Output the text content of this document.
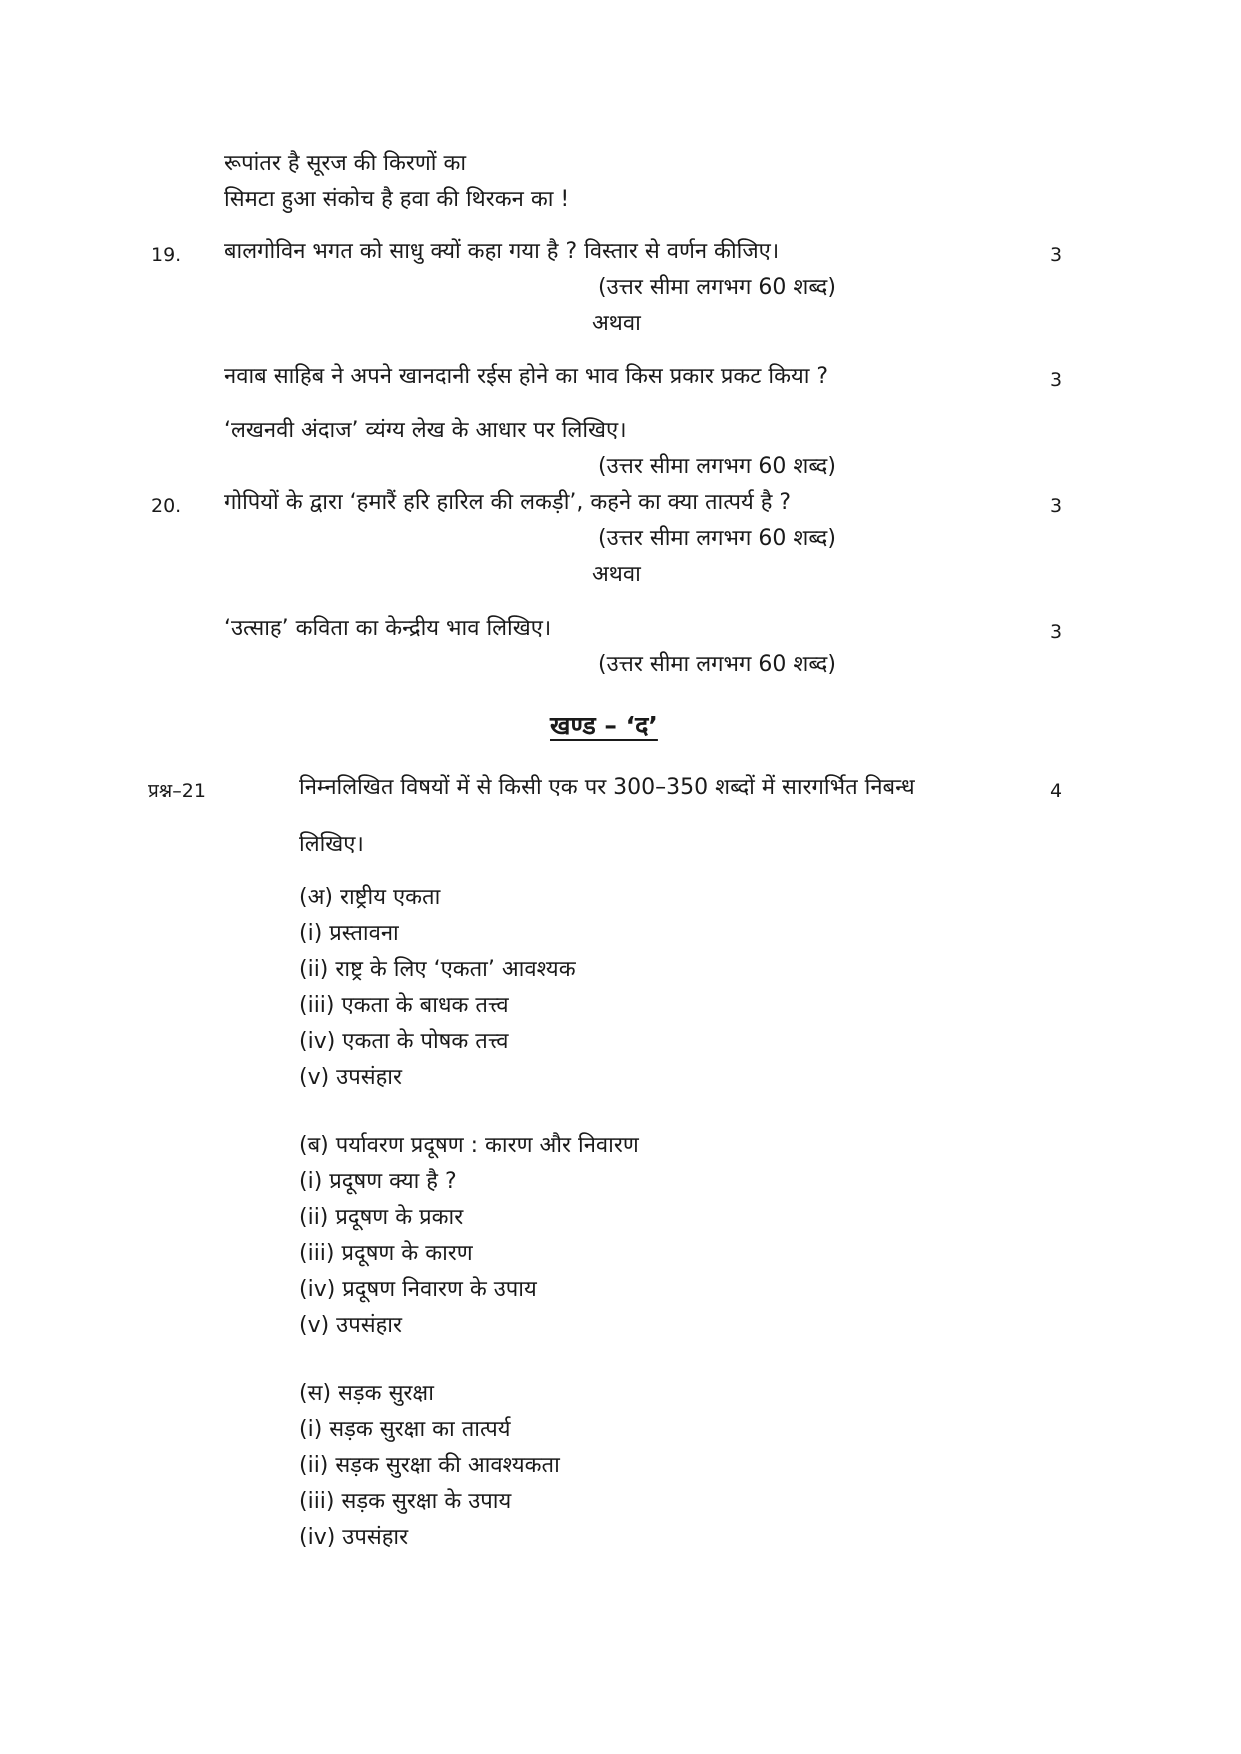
रूपांतर है सूरज की किरणों का
सिमटा हुआ संकोच है हवा की थिरकन का !
19. बालगोविन भगत को साधु क्यों कहा गया है ? विस्तार से वर्णन कीजिए।	3
(उत्तर सीमा लगभग 60 शब्द)
अथवा
नवाब साहिब ने अपने खानदानी रईस होने का भाव किस प्रकार प्रकट किया ?	3
‘लखनवी अंदाज’ व्यंग्य लेख के आधार पर लिखिए।
(उत्तर सीमा लगभग 60 शब्द)
20. गोपियों के द्वारा ‘हमारैं हरि हारिल की लकड़ी’, कहने का क्या तात्पर्य है ?	3
(उत्तर सीमा लगभग 60 शब्द)
अथवा
‘उत्साह’ कविता का केन्द्रीय भाव लिखिए।	3
(उत्तर सीमा लगभग 60 शब्द)
खण्ड – ‘द’
प्रश्न–21	निम्नलिखित विषयों में से किसी एक पर 300–350 शब्दों में सारगर्भित निबन्ध	4
लिखिए।
(अ) राष्ट्रीय एकता
(i) प्रस्तावना
(ii) राष्ट्र के लिए ‘एकता’ आवश्यक
(iii) एकता के बाधक तत्त्व
(iv) एकता के पोषक तत्त्व
(v) उपसंहार
(ब) पर्यावरण प्रदूषण : कारण और निवारण
(i) प्रदूषण क्या है ?
(ii) प्रदूषण के प्रकार
(iii) प्रदूषण के कारण
(iv) प्रदूषण निवारण के उपाय
(v) उपसंहार
(स) सड़क सुरक्षा
(i) सड़क सुरक्षा का तात्पर्य
(ii) सड़क सुरक्षा की आवश्यकता
(iii) सड़क सुरक्षा के उपाय
(iv) उपसंहार
